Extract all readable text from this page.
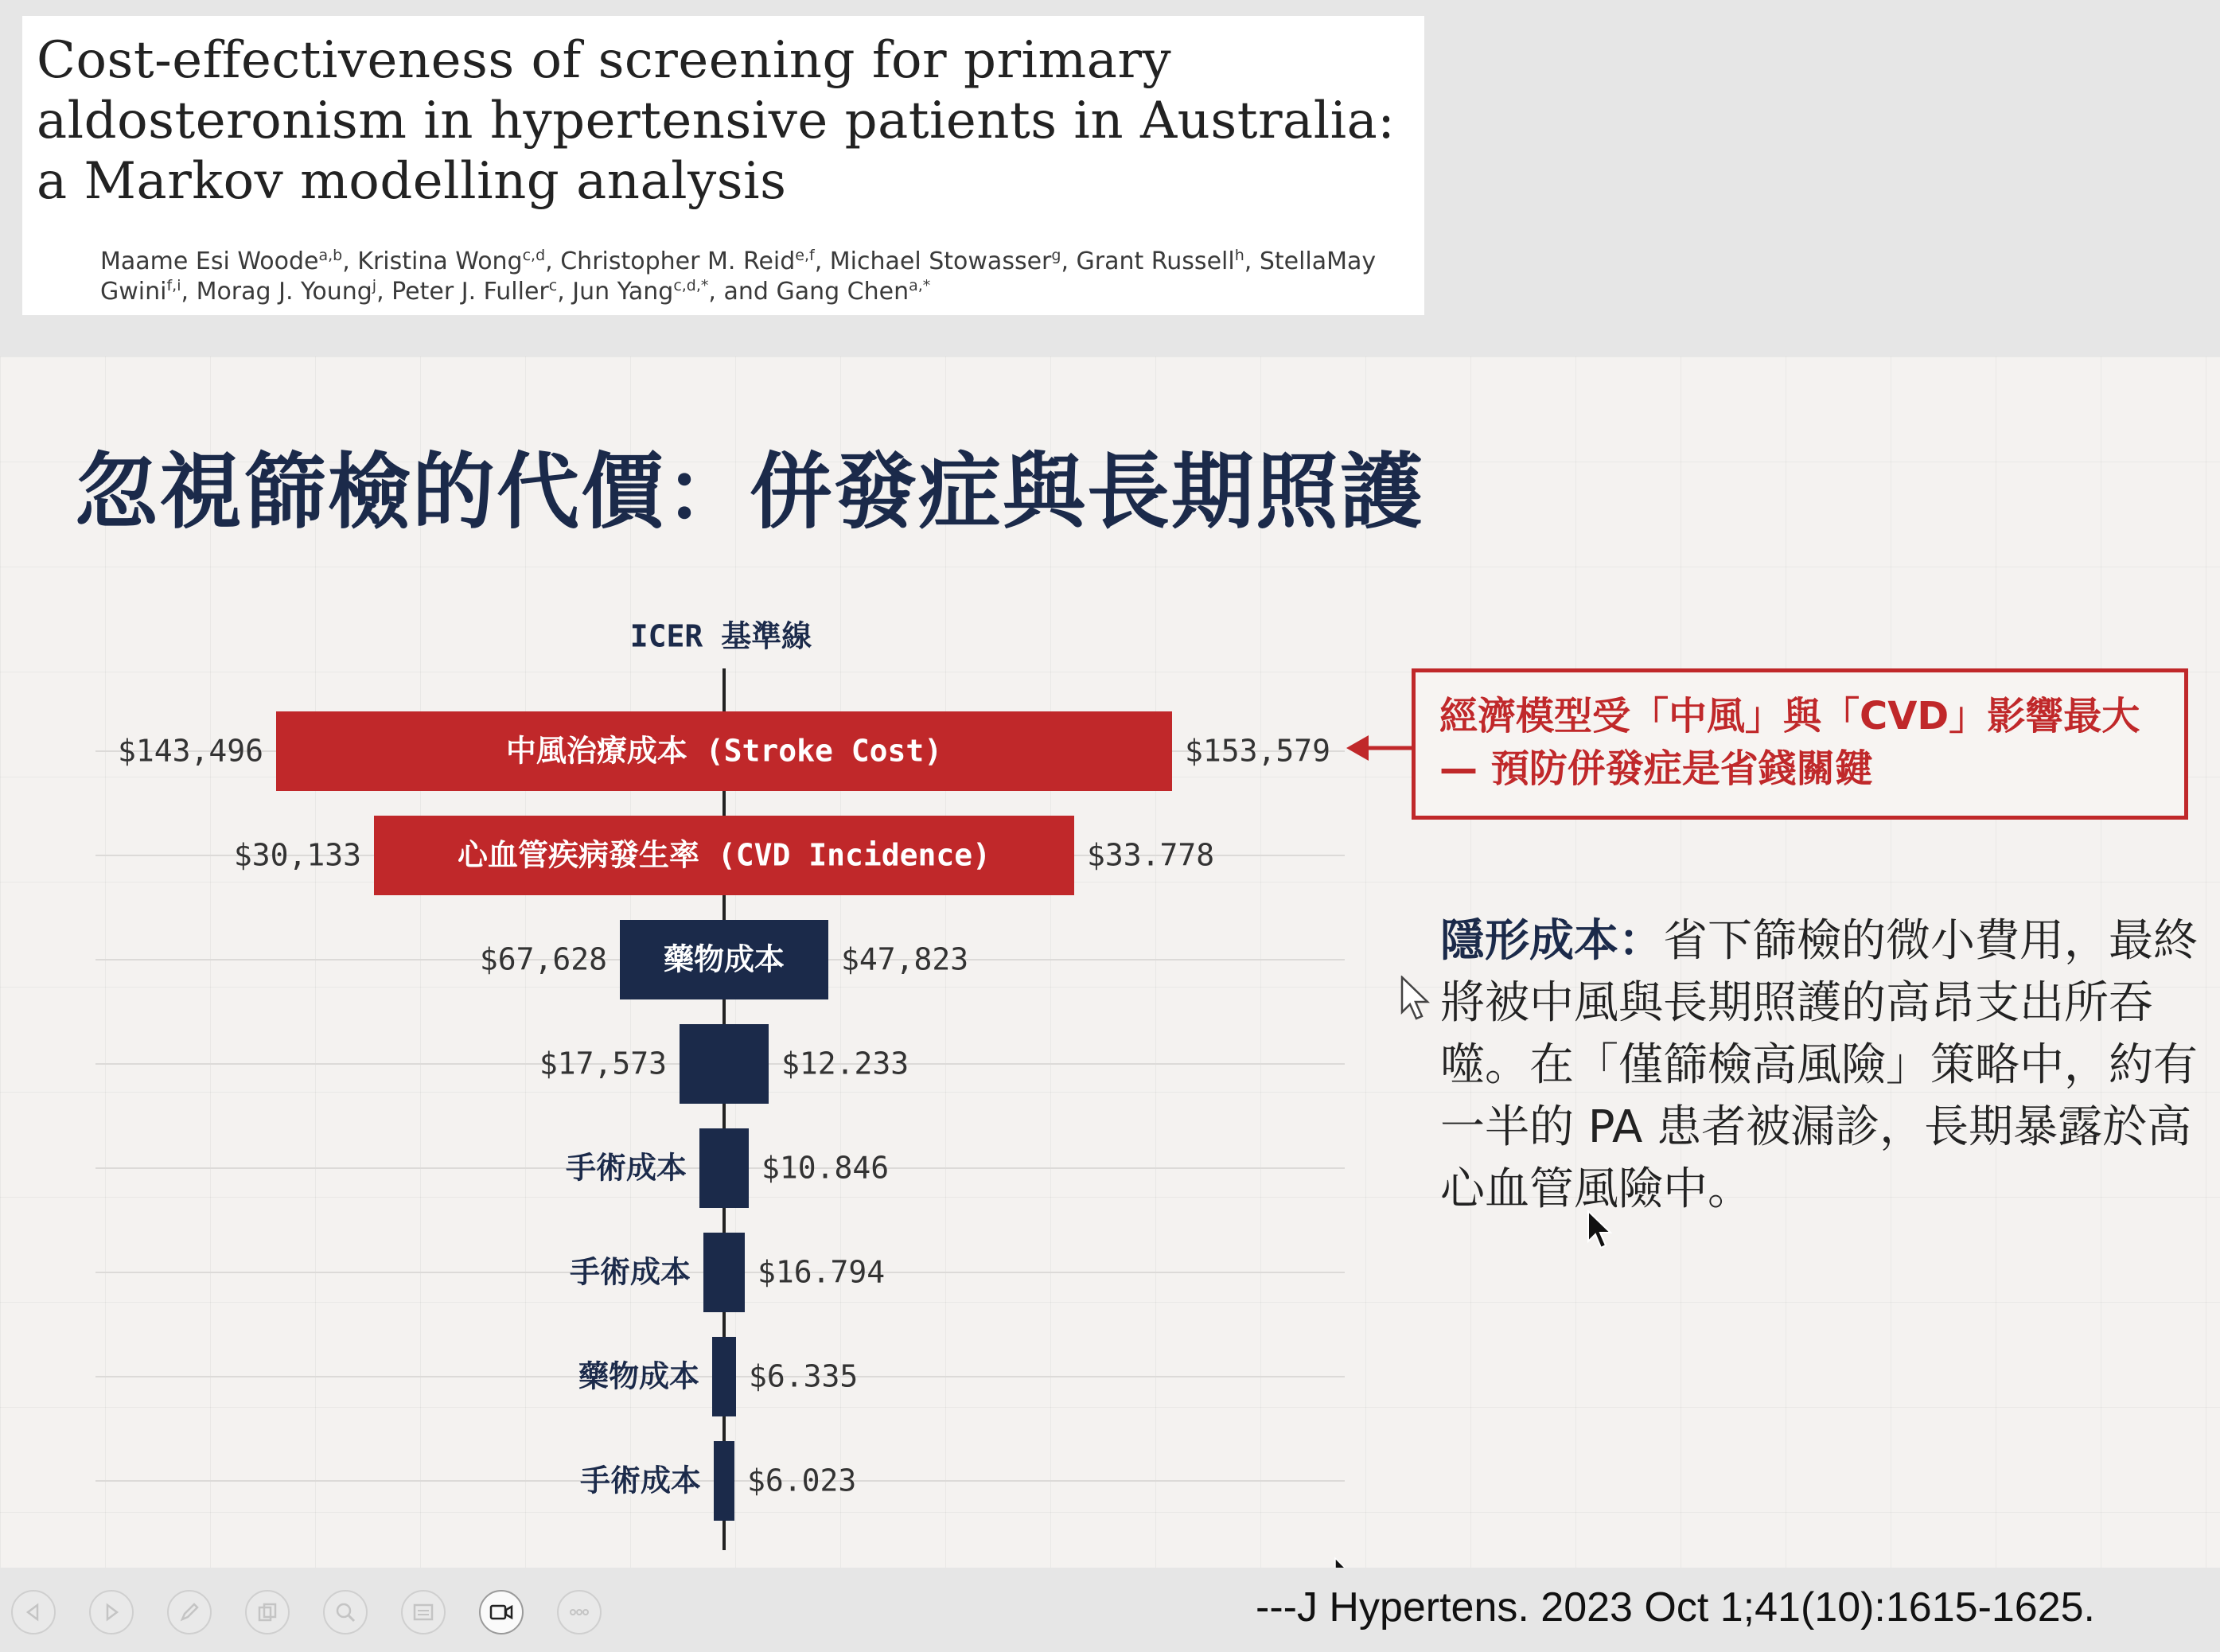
Cost-effectiveness of screening for primary
aldosteronism in hypertensive patients in Australia:
a Markov modelling analysis
Maame Esi Woode$^{a,b}$, Kristina Wong$^{c,d}$, Christopher M. Reid$^{e,f}$, Michael Stowasser$^g$, Grant Russell$^h$, StellaMay Gwini$^{f,i}$, Morag J. Young$^j$, Peter J. Fuller$^c$, Jun Yang$^{c,d,*}$, and Gang Chen$^{a,*}$
忽視篩檢的代價：併發症與長期照護
ICER 基準線
中風治療成本 (Stroke Cost)
$143,496	$153,579
心血管疾病發生率 (CVD Incidence)
$30,133	$33.778
藥物成本
$67,628	$47,823
$17,573	$12.233
手術成本 $10.846
手術成本 $16.794
藥物成本 $6.335
手術成本 $6.023
經濟模型受「中風」與「CVD」影響最大
— 預防併發症是省錢關鍵
隱形成本：省下篩檢的微小費用，最終將被中風與長期照護的高昂支出所吞噬。在「僅篩檢高風險」策略中，約有一半的 PA 患者被漏診，長期暴露於高心血管風險中。
---J Hypertens. 2023 Oct 1;41(10):1615-1625.
